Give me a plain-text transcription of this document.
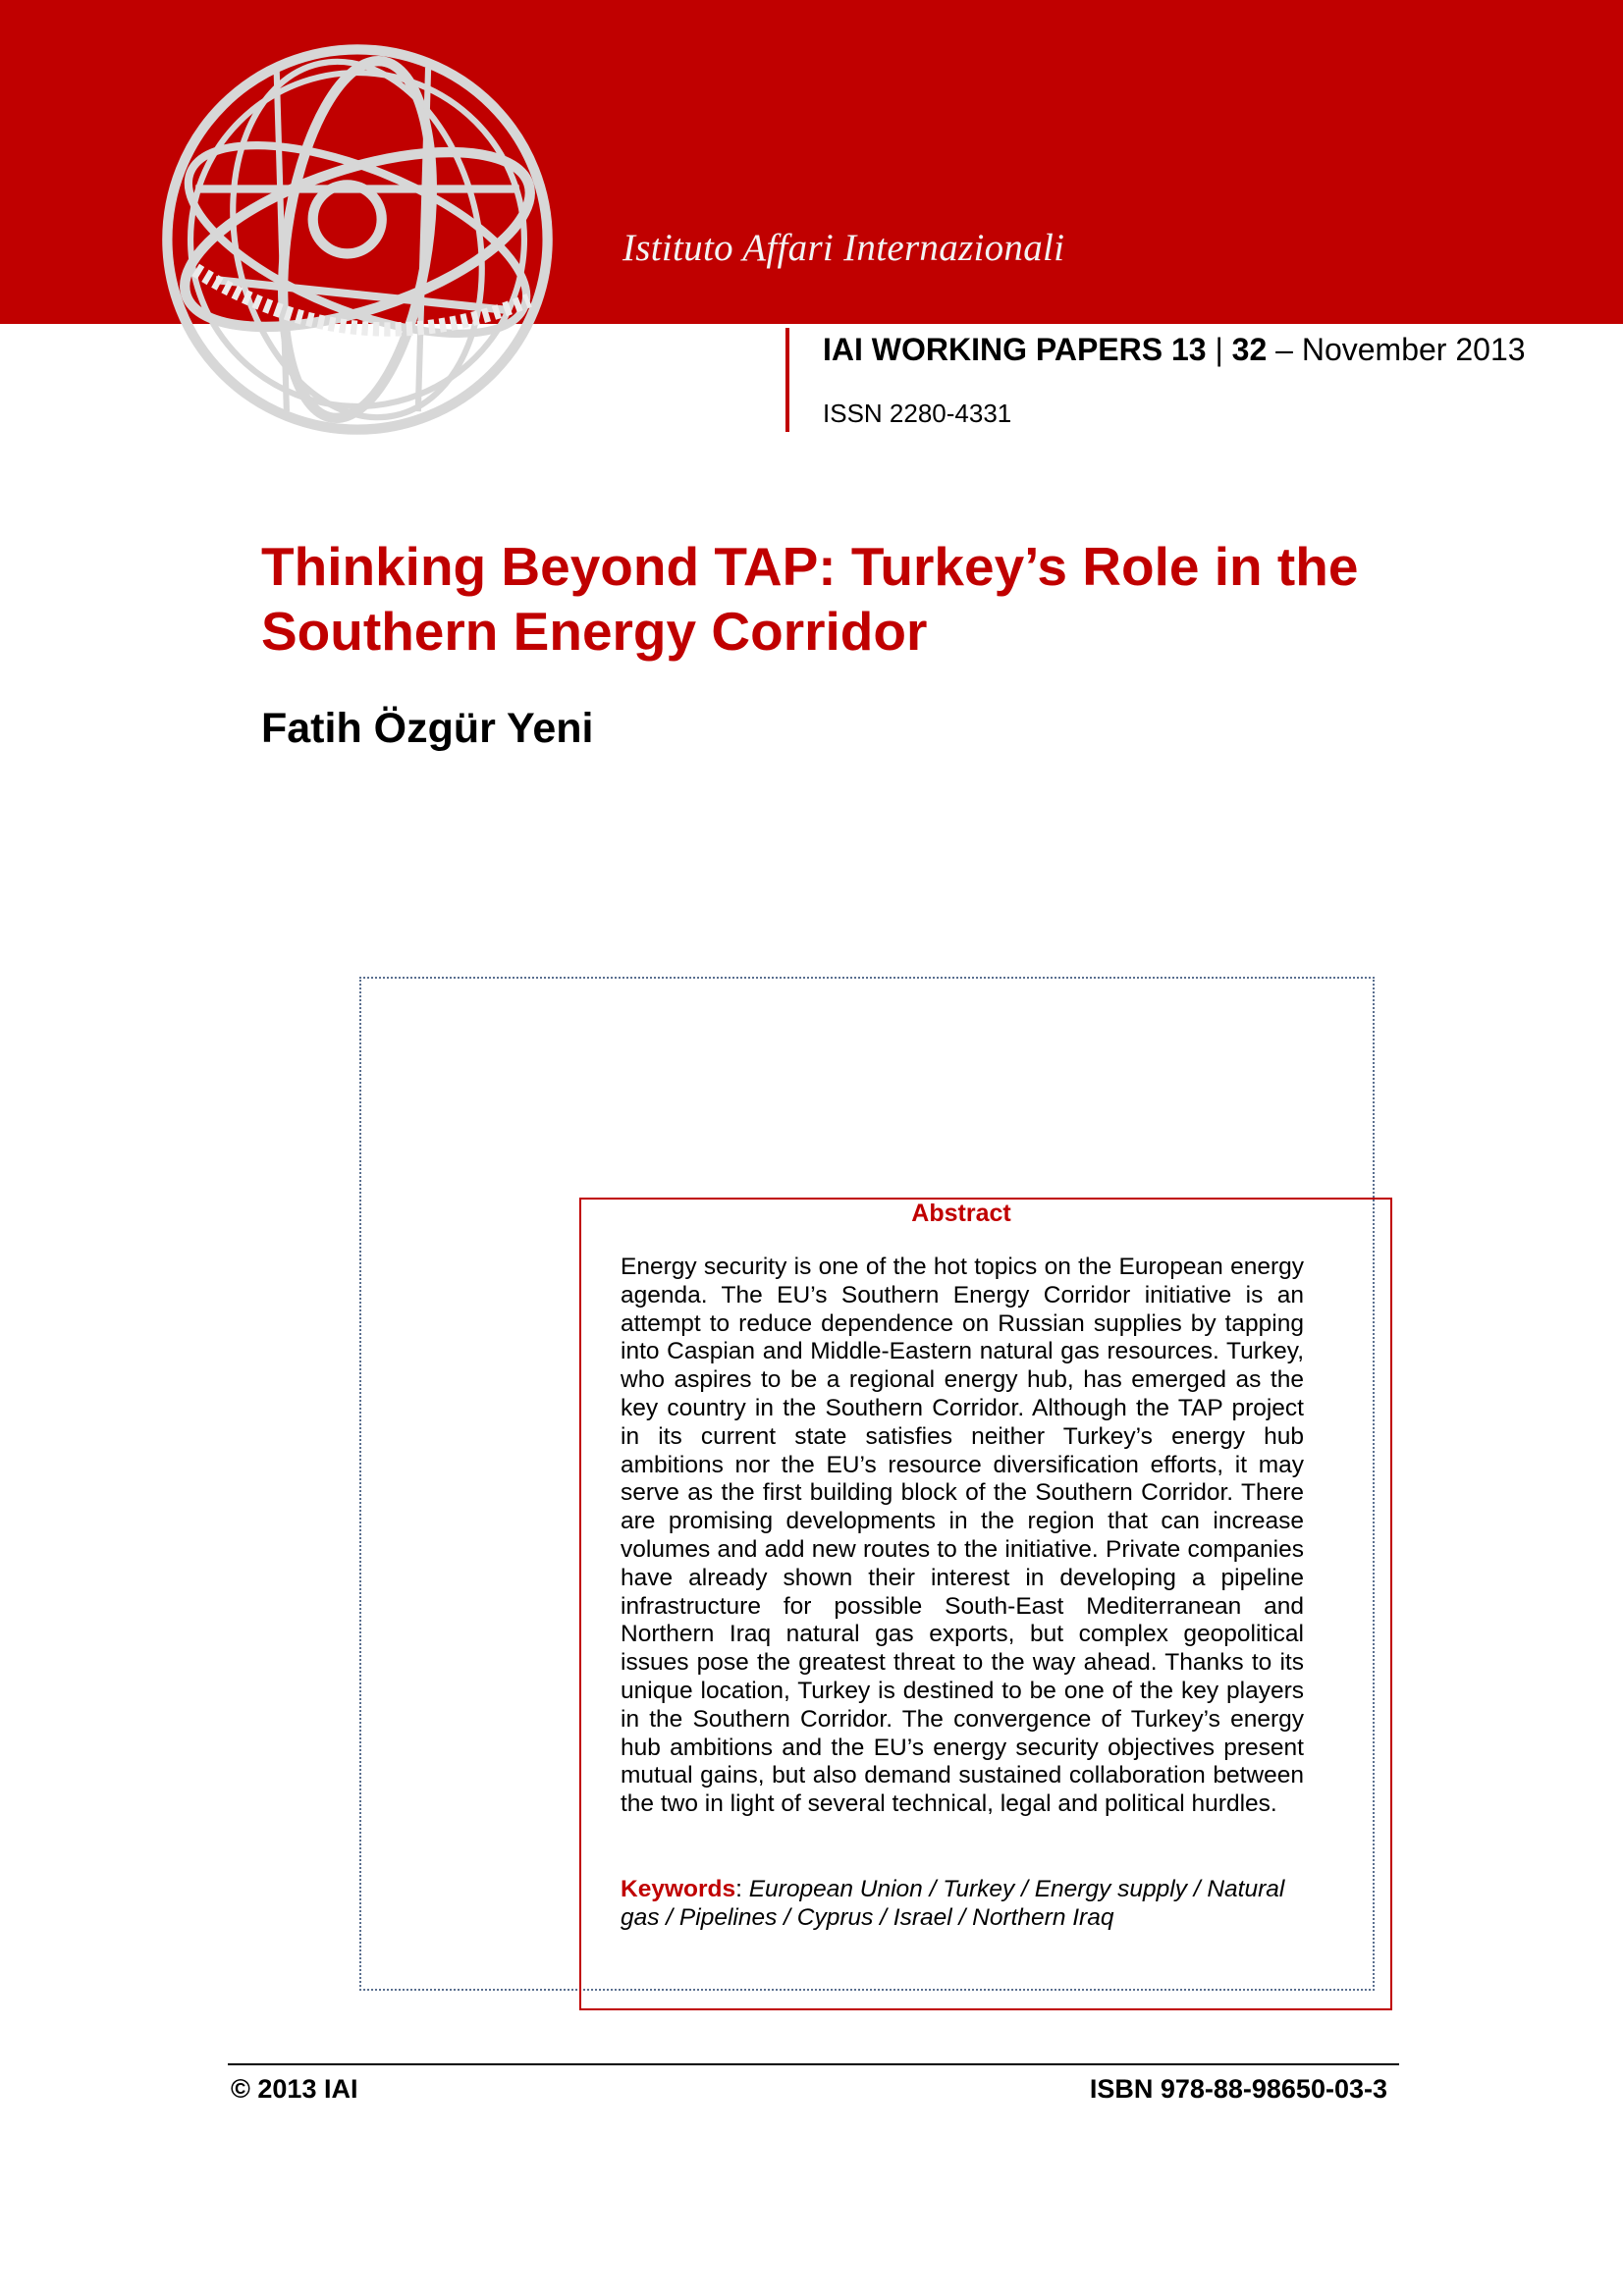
Istituto Affari Internazionali
IAI WORKING PAPERS 13 | 32 – November 2013
ISSN 2280-4331
Thinking Beyond TAP: Turkey’s Role in the Southern Energy Corridor
Fatih Özgür Yeni
Abstract
Energy security is one of the hot topics on the European energy agenda. The EU’s Southern Energy Corridor initiative is an attempt to reduce dependence on Russian supplies by tapping into Caspian and Middle-Eastern natural gas resources. Turkey, who aspires to be a regional energy hub, has emerged as the key country in the Southern Corridor. Although the TAP project in its current state satisfies neither Turkey’s energy hub ambitions nor the EU’s resource diversification efforts, it may serve as the first building block of the Southern Corridor. There are promising developments in the region that can increase volumes and add new routes to the initiative. Private companies have already shown their interest in developing a pipeline infrastructure for possible South-East Mediterranean and Northern Iraq natural gas exports, but complex geopolitical issues pose the greatest threat to the way ahead. Thanks to its unique location, Turkey is destined to be one of the key players in the Southern Corridor. The convergence of Turkey’s energy hub ambitions and the EU’s energy security objectives present mutual gains, but also demand sustained collaboration between the two in light of several technical, legal and political hurdles.
Keywords: European Union / Turkey / Energy supply / Natural gas / Pipelines / Cyprus / Israel / Northern Iraq
© 2013 IAI	ISBN 978-88-98650-03-3
